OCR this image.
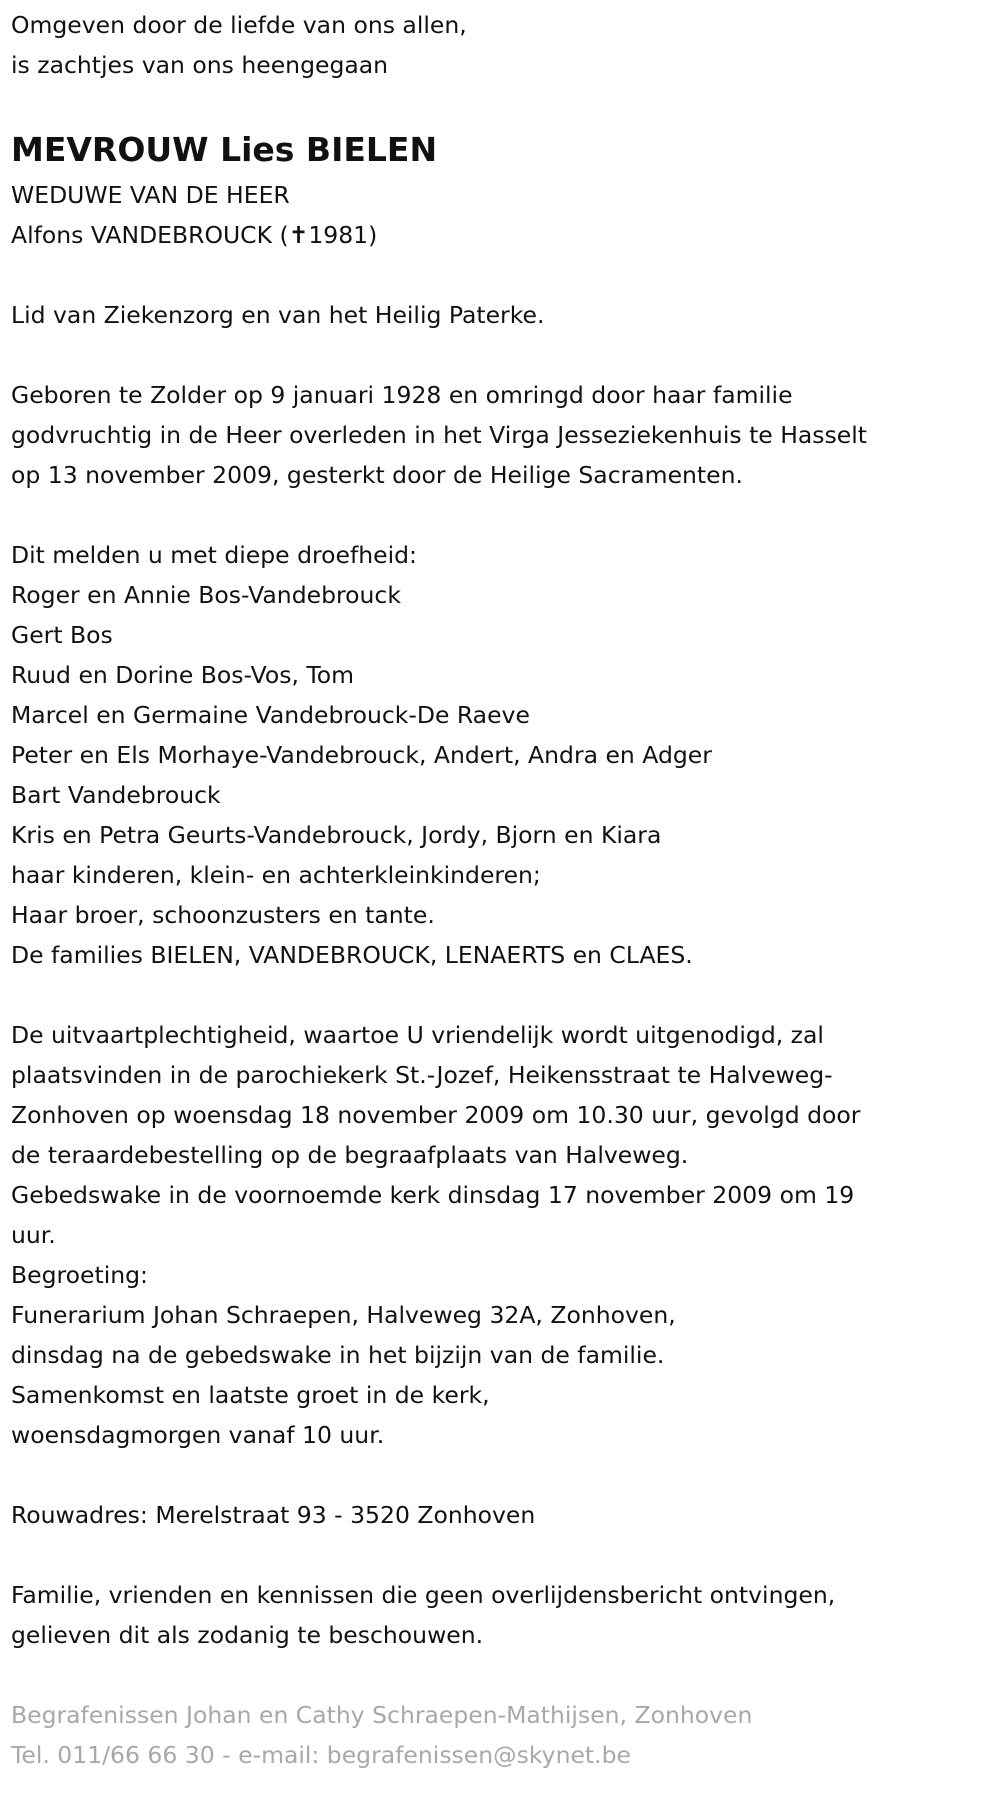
Omgeven door de liefde van ons allen,
is zachtjes van ons heengegaan
MEVROUW Lies BIELEN
WEDUWE VAN DE HEER
Alfons VANDEBROUCK (✝1981)
Lid van Ziekenzorg en van het Heilig Paterke.
Geboren te Zolder op 9 januari 1928 en omringd door haar familie
godvruchtig in de Heer overleden in het Virga Jesseziekenhuis te Hasselt
op 13 november 2009, gesterkt door de Heilige Sacramenten.
Dit melden u met diepe droefheid:
Roger en Annie Bos-Vandebrouck
Gert Bos
Ruud en Dorine Bos-Vos, Tom
Marcel en Germaine Vandebrouck-De Raeve
Peter en Els Morhaye-Vandebrouck, Andert, Andra en Adger
Bart Vandebrouck
Kris en Petra Geurts-Vandebrouck, Jordy, Bjorn en Kiara
haar kinderen, klein- en achterkleinkinderen;
Haar broer, schoonzusters en tante.
De families BIELEN, VANDEBROUCK, LENAERTS en CLAES.
De uitvaartplechtigheid, waartoe U vriendelijk wordt uitgenodigd, zal
plaatsvinden in de parochiekerk St.-Jozef, Heikensstraat te Halveweg-
Zonhoven op woensdag 18 november 2009 om 10.30 uur, gevolgd door
de teraardebestelling op de begraafplaats van Halveweg.
Gebedswake in de voornoemde kerk dinsdag 17 november 2009 om 19
uur.
Begroeting:
Funerarium Johan Schraepen, Halveweg 32A, Zonhoven,
dinsdag na de gebedswake in het bijzijn van de familie.
Samenkomst en laatste groet in de kerk,
woensdagmorgen vanaf 10 uur.
Rouwadres: Merelstraat 93 - 3520 Zonhoven
Familie, vrienden en kennissen die geen overlijdensbericht ontvingen,
gelieven dit als zodanig te beschouwen.
Begrafenissen Johan en Cathy Schraepen-Mathijsen, Zonhoven
Tel. 011/66 66 30 - e-mail: begrafenissen@skynet.be
